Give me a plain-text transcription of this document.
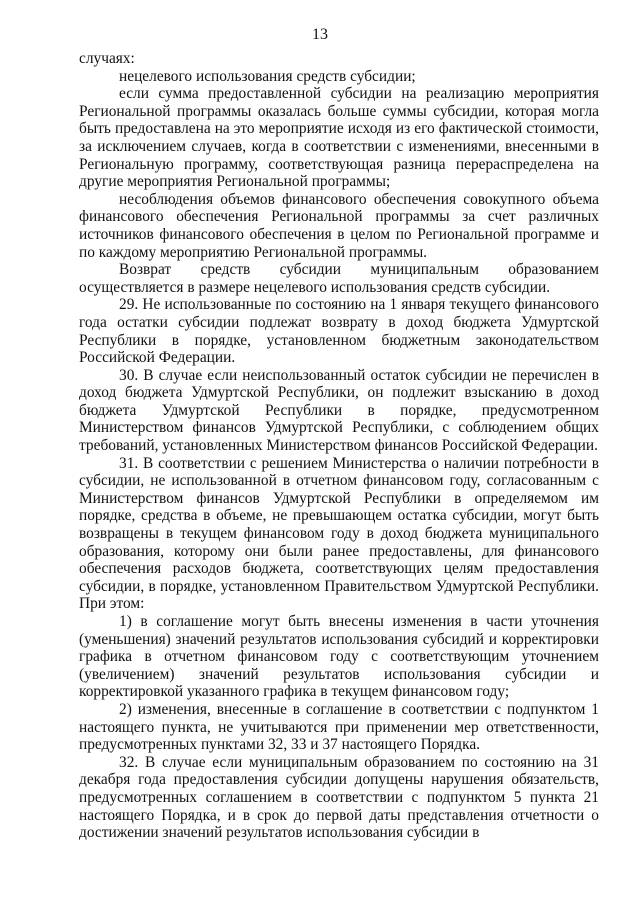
13

случаях:

нецелевого использования средств субсидии;

если сумма предоставленной субсидии на реализацию мероприятия Региональной программы оказалась больше суммы субсидии, которая могла быть предоставлена на это мероприятие исходя из его фактической стоимости, за исключением случаев, когда в соответствии с изменениями, внесенными в Региональную программу, соответствующая разница перераспределена на другие мероприятия Региональной программы;

несоблюдения объемов финансового обеспечения совокупного объема финансового обеспечения Региональной программы за счет различных источников финансового обеспечения в целом по Региональной программе и по каждому мероприятию Региональной программы.

Возврат средств субсидии муниципальным образованием осуществляется в размере нецелевого использования средств субсидии.

29. Не использованные по состоянию на 1 января текущего финансового года остатки субсидии подлежат возврату в доход бюджета Удмуртской Республики в порядке, установленном бюджетным законодательством Российской Федерации.

30. В случае если неиспользованный остаток субсидии не перечислен в доход бюджета Удмуртской Республики, он подлежит взысканию в доход бюджета Удмуртской Республики в порядке, предусмотренном Министерством финансов Удмуртской Республики, с соблюдением общих требований, установленных Министерством финансов Российской Федерации.

31. В соответствии с решением Министерства о наличии потребности в субсидии, не использованной в отчетном финансовом году, согласованным с Министерством финансов Удмуртской Республики в определяемом им порядке, средства в объеме, не превышающем остатка субсидии, могут быть возвращены в текущем финансовом году в доход бюджета муниципального образования, которому они были ранее предоставлены, для финансового обеспечения расходов бюджета, соответствующих целям предоставления субсидии, в порядке, установленном Правительством Удмуртской Республики. При этом:

1) в соглашение могут быть внесены изменения в части уточнения (уменьшения) значений результатов использования субсидий и корректировки графика в отчетном финансовом году с соответствующим уточнением (увеличением) значений результатов использования субсидии и корректировкой указанного графика в текущем финансовом году;

2) изменения, внесенные в соглашение в соответствии с подпунктом 1 настоящего пункта, не учитываются при применении мер ответственности, предусмотренных пунктами 32, 33 и 37 настоящего Порядка.

32. В случае если муниципальным образованием по состоянию на 31 декабря года предоставления субсидии допущены нарушения обязательств, предусмотренных соглашением в соответствии с подпунктом 5 пункта 21 настоящего Порядка, и в срок до первой даты представления отчетности о достижении значений результатов использования субсидии в
